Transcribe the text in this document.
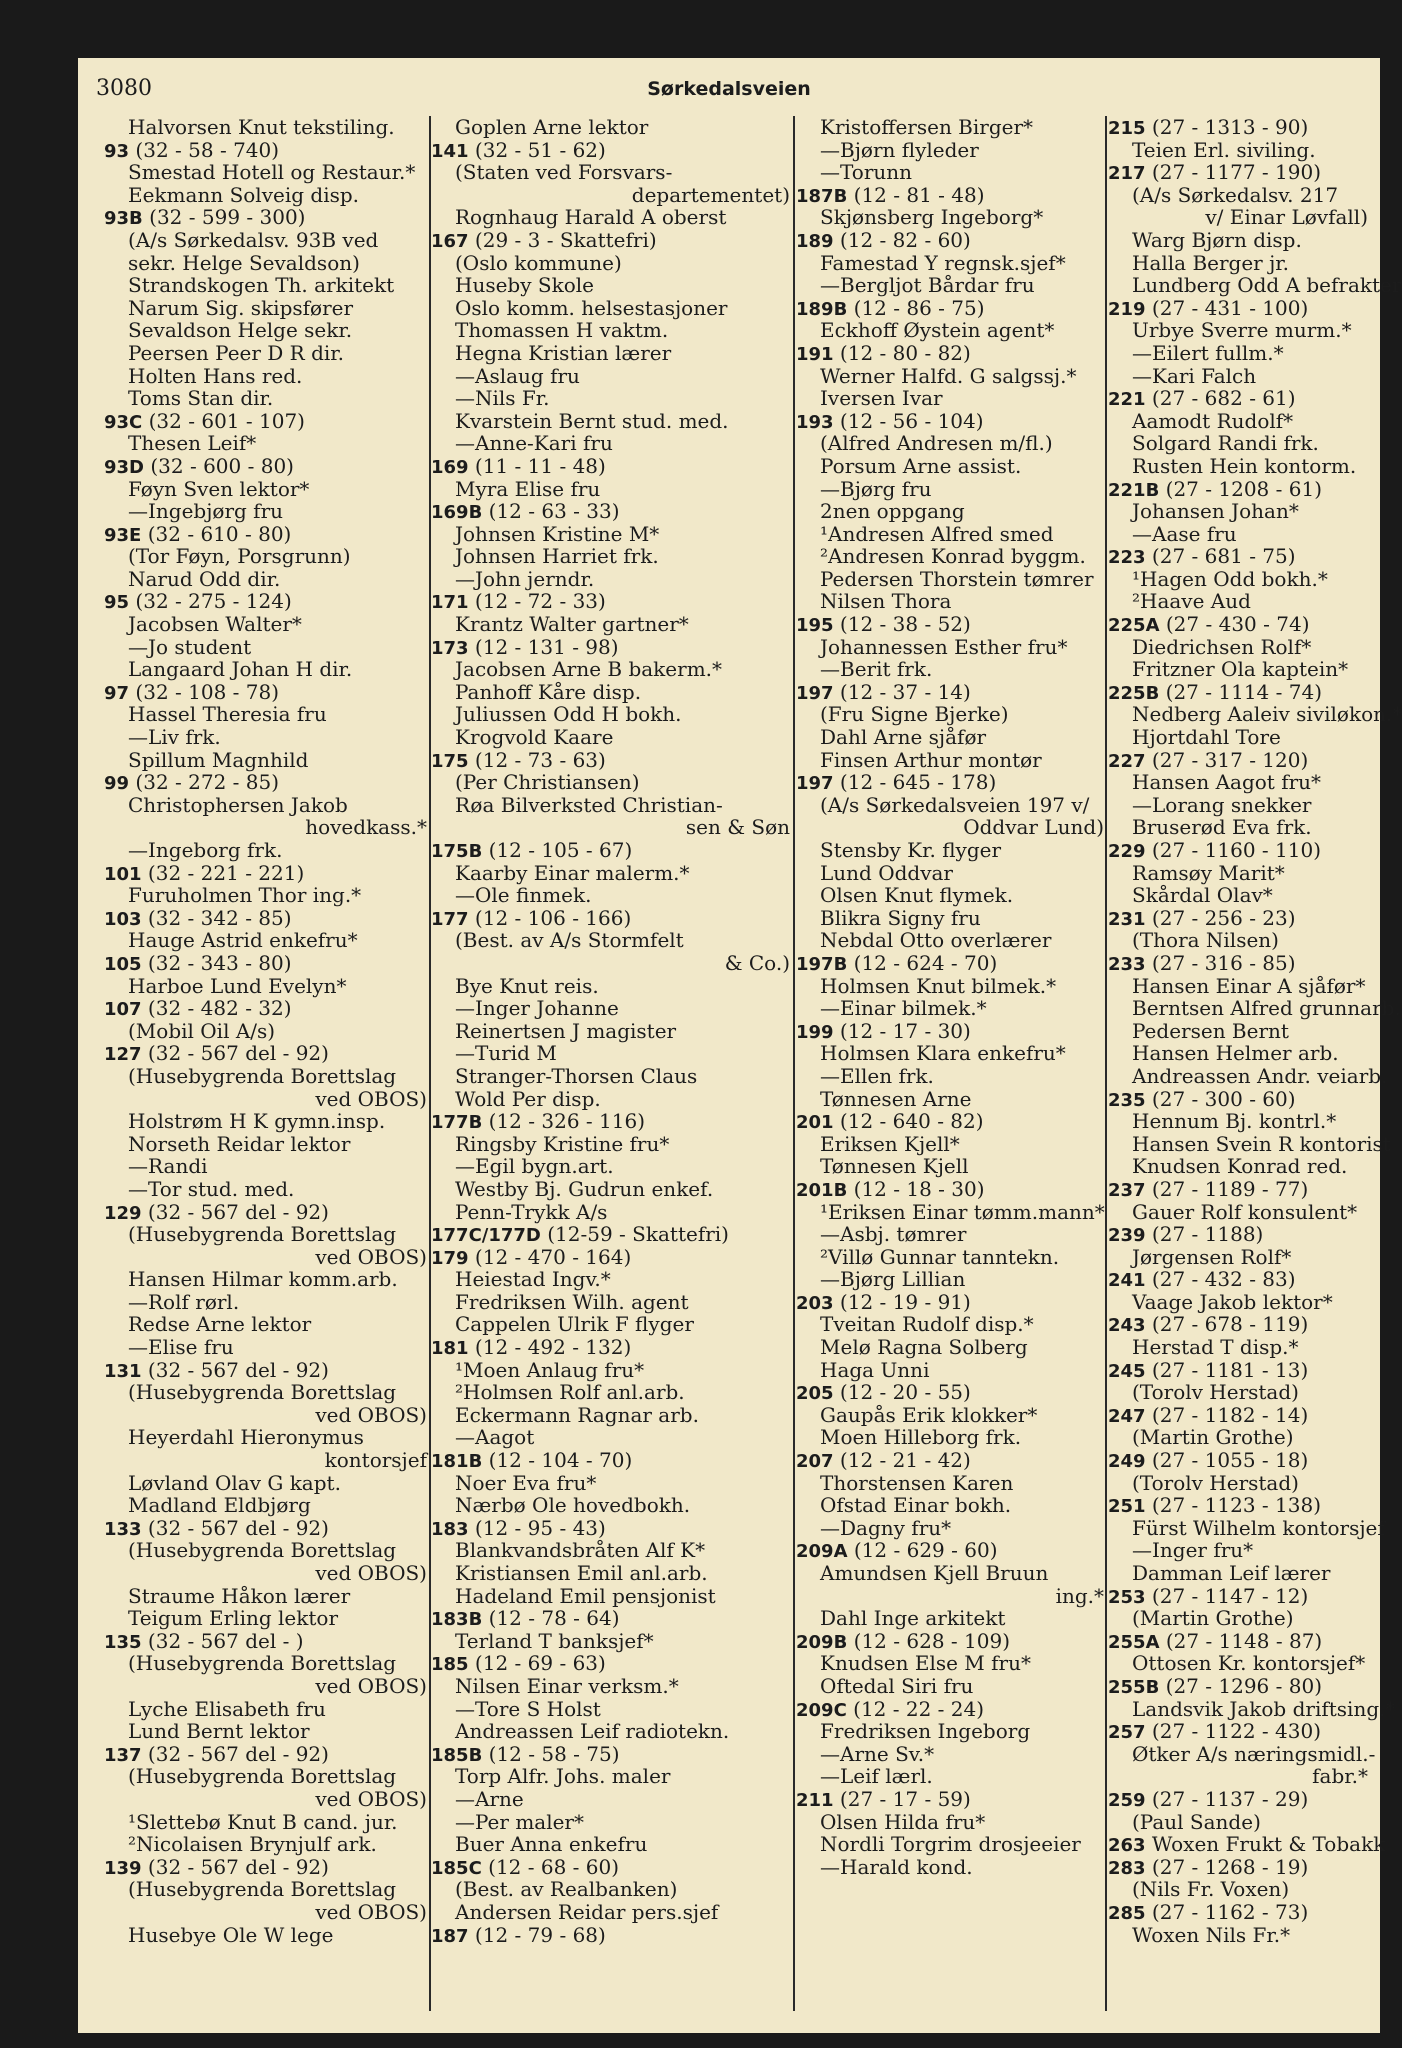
3080	Sørkedalsveien
Halvorsen Knut tekstiling.
93 (32 - 58 - 740)
Smestad Hotell og Restaur.*
Eekmann Solveig disp.
93B (32 - 599 - 300)
(A/s Sørkedalsv. 93B ved
sekr. Helge Sevaldson)
Strandskogen Th. arkitekt
Narum Sig. skipsfører
Sevaldson Helge sekr.
Peersen Peer D R dir.
Holten Hans red.
Toms Stan dir.
93C (32 - 601 - 107)
Thesen Leif*
93D (32 - 600 - 80)
Føyn Sven lektor*
—Ingebjørg fru
93E (32 - 610 - 80)
(Tor Føyn, Porsgrunn)
Narud Odd dir.
95 (32 - 275 - 124)
Jacobsen Walter*
—Jo student
Langaard Johan H dir.
97 (32 - 108 - 78)
Hassel Theresia fru
—Liv frk.
Spillum Magnhild
99 (32 - 272 - 85)
Christophersen Jakob
hovedkass.*
—Ingeborg frk.
101 (32 - 221 - 221)
Furuholmen Thor ing.*
103 (32 - 342 - 85)
Hauge Astrid enkefru*
105 (32 - 343 - 80)
Harboe Lund Evelyn*
107 (32 - 482 - 32)
(Mobil Oil A/s)
127 (32 - 567 del - 92)
(Husebygrenda Borettslag
ved OBOS)
Holstrøm H K gymn.insp.
Norseth Reidar lektor
—Randi
—Tor stud. med.
129 (32 - 567 del - 92)
(Husebygrenda Borettslag
ved OBOS)
Hansen Hilmar komm.arb.
—Rolf rørl.
Redse Arne lektor
—Elise fru
131 (32 - 567 del - 92)
(Husebygrenda Borettslag
ved OBOS)
Heyerdahl Hieronymus
kontorsjef
Løvland Olav G kapt.
Madland Eldbjørg
133 (32 - 567 del - 92)
(Husebygrenda Borettslag
ved OBOS)
Straume Håkon lærer
Teigum Erling lektor
135 (32 - 567 del - )
(Husebygrenda Borettslag
ved OBOS)
Lyche Elisabeth fru
Lund Bernt lektor
137 (32 - 567 del - 92)
(Husebygrenda Borettslag
ved OBOS)
¹Slettebø Knut B cand. jur.
²Nicolaisen Brynjulf ark.
139 (32 - 567 del - 92)
(Husebygrenda Borettslag
ved OBOS)
Husebye Ole W lege
Goplen Arne lektor
141 (32 - 51 - 62)
(Staten ved Forsvars-
departementet)
Rognhaug Harald A oberst
167 (29 - 3 - Skattefri)
(Oslo kommune)
Huseby Skole
Oslo komm. helsestasjoner
Thomassen H vaktm.
Hegna Kristian lærer
—Aslaug fru
—Nils Fr.
Kvarstein Bernt stud. med.
—Anne-Kari fru
169 (11 - 11 - 48)
Myra Elise fru
169B (12 - 63 - 33)
Johnsen Kristine M*
Johnsen Harriet frk.
—John jerndr.
171 (12 - 72 - 33)
Krantz Walter gartner*
173 (12 - 131 - 98)
Jacobsen Arne B bakerm.*
Panhoff Kåre disp.
Juliussen Odd H bokh.
Krogvold Kaare
175 (12 - 73 - 63)
(Per Christiansen)
Røa Bilverksted Christian-
sen & Søn
175B (12 - 105 - 67)
Kaarby Einar malerm.*
—Ole finmek.
177 (12 - 106 - 166)
(Best. av A/s Stormfelt
& Co.)
Bye Knut reis.
—Inger Johanne
Reinertsen J magister
—Turid M
Stranger-Thorsen Claus
Wold Per disp.
177B (12 - 326 - 116)
Ringsby Kristine fru*
—Egil bygn.art.
Westby Bj. Gudrun enkef.
Penn-Trykk A/s
177C/177D (12-59 - Skattefri)
179 (12 - 470 - 164)
Heiestad Ingv.*
Fredriksen Wilh. agent
Cappelen Ulrik F flyger
181 (12 - 492 - 132)
¹Moen Anlaug fru*
²Holmsen Rolf anl.arb.
Eckermann Ragnar arb.
—Aagot
181B (12 - 104 - 70)
Noer Eva fru*
Nærbø Ole hovedbokh.
183 (12 - 95 - 43)
Blankvandsbråten Alf K*
Kristiansen Emil anl.arb.
Hadeland Emil pensjonist
183B (12 - 78 - 64)
Terland T banksjef*
185 (12 - 69 - 63)
Nilsen Einar verksm.*
—Tore S Holst
Andreassen Leif radiotekn.
185B (12 - 58 - 75)
Torp Alfr. Johs. maler
—Arne
—Per maler*
Buer Anna enkefru
185C (12 - 68 - 60)
(Best. av Realbanken)
Andersen Reidar pers.sjef
187 (12 - 79 - 68)
Kristoffersen Birger*
—Bjørn flyleder
—Torunn
187B (12 - 81 - 48)
Skjønsberg Ingeborg*
189 (12 - 82 - 60)
Famestad Y regnsk.sjef*
—Bergljot Bårdar fru
189B (12 - 86 - 75)
Eckhoff Øystein agent*
191 (12 - 80 - 82)
Werner Halfd. G salgssj.*
Iversen Ivar
193 (12 - 56 - 104)
(Alfred Andresen m/fl.)
Porsum Arne assist.
—Bjørg fru
2nen oppgang
¹Andresen Alfred smed
²Andresen Konrad byggm.
Pedersen Thorstein tømrer
Nilsen Thora
195 (12 - 38 - 52)
Johannessen Esther fru*
—Berit frk.
197 (12 - 37 - 14)
(Fru Signe Bjerke)
Dahl Arne sjåfør
Finsen Arthur montør
197 (12 - 645 - 178)
(A/s Sørkedalsveien 197 v/
Oddvar Lund)
Stensby Kr. flyger
Lund Oddvar
Olsen Knut flymek.
Blikra Signy fru
Nebdal Otto overlærer
197B (12 - 624 - 70)
Holmsen Knut bilmek.*
—Einar bilmek.*
199 (12 - 17 - 30)
Holmsen Klara enkefru*
—Ellen frk.
Tønnesen Arne
201 (12 - 640 - 82)
Eriksen Kjell*
Tønnesen Kjell
201B (12 - 18 - 30)
¹Eriksen Einar tømm.mann*
—Asbj. tømrer
²Villø Gunnar tanntekn.
—Bjørg Lillian
203 (12 - 19 - 91)
Tveitan Rudolf disp.*
Melø Ragna Solberg
Haga Unni
205 (12 - 20 - 55)
Gaupås Erik klokker*
Moen Hilleborg frk.
207 (12 - 21 - 42)
Thorstensen Karen
Ofstad Einar bokh.
—Dagny fru*
209A (12 - 629 - 60)
Amundsen Kjell Bruun
ing.*
Dahl Inge arkitekt
209B (12 - 628 - 109)
Knudsen Else M fru*
Oftedal Siri fru
209C (12 - 22 - 24)
Fredriksen Ingeborg
—Arne Sv.*
—Leif lærl.
211 (27 - 17 - 59)
Olsen Hilda fru*
Nordli Torgrim drosjeeier
—Harald kond.
215 (27 - 1313 - 90)
Teien Erl. siviling.
217 (27 - 1177 - 190)
(A/s Sørkedalsv. 217
v/ Einar Løvfall)
Warg Bjørn disp.
Halla Berger jr.
Lundberg Odd A befrakter
219 (27 - 431 - 100)
Urbye Sverre murm.*
—Eilert fullm.*
—Kari Falch
221 (27 - 682 - 61)
Aamodt Rudolf*
Solgard Randi frk.
Rusten Hein kontorm.
221B (27 - 1208 - 61)
Johansen Johan*
—Aase fru
223 (27 - 681 - 75)
¹Hagen Odd bokh.*
²Haave Aud
225A (27 - 430 - 74)
Diedrichsen Rolf*
Fritzner Ola kaptein*
225B (27 - 1114 - 74)
Nedberg Aaleiv siviløkon.*
Hjortdahl Tore
227 (27 - 317 - 120)
Hansen Aagot fru*
—Lorang snekker
Bruserød Eva frk.
229 (27 - 1160 - 110)
Ramsøy Marit*
Skårdal Olav*
231 (27 - 256 - 23)
(Thora Nilsen)
233 (27 - 316 - 85)
Hansen Einar A sjåfør*
Berntsen Alfred grunnarb.
Pedersen Bernt
Hansen Helmer arb.
Andreassen Andr. veiarb.
235 (27 - 300 - 60)
Hennum Bj. kontrl.*
Hansen Svein R kontorist
Knudsen Konrad red.
237 (27 - 1189 - 77)
Gauer Rolf konsulent*
239 (27 - 1188)
Jørgensen Rolf*
241 (27 - 432 - 83)
Vaage Jakob lektor*
243 (27 - 678 - 119)
Herstad T disp.*
245 (27 - 1181 - 13)
(Torolv Herstad)
247 (27 - 1182 - 14)
(Martin Grothe)
249 (27 - 1055 - 18)
(Torolv Herstad)
251 (27 - 1123 - 138)
Fürst Wilhelm kontorsjef
—Inger fru*
Damman Leif lærer
253 (27 - 1147 - 12)
(Martin Grothe)
255A (27 - 1148 - 87)
Ottosen Kr. kontorsjef*
255B (27 - 1296 - 80)
Landsvik Jakob driftsing.*
257 (27 - 1122 - 430)
Øtker A/s næringsmidl.-
fabr.*
259 (27 - 1137 - 29)
(Paul Sande)
263 Woxen Frukt & Tobakk
283 (27 - 1268 - 19)
(Nils Fr. Voxen)
285 (27 - 1162 - 73)
Woxen Nils Fr.*
